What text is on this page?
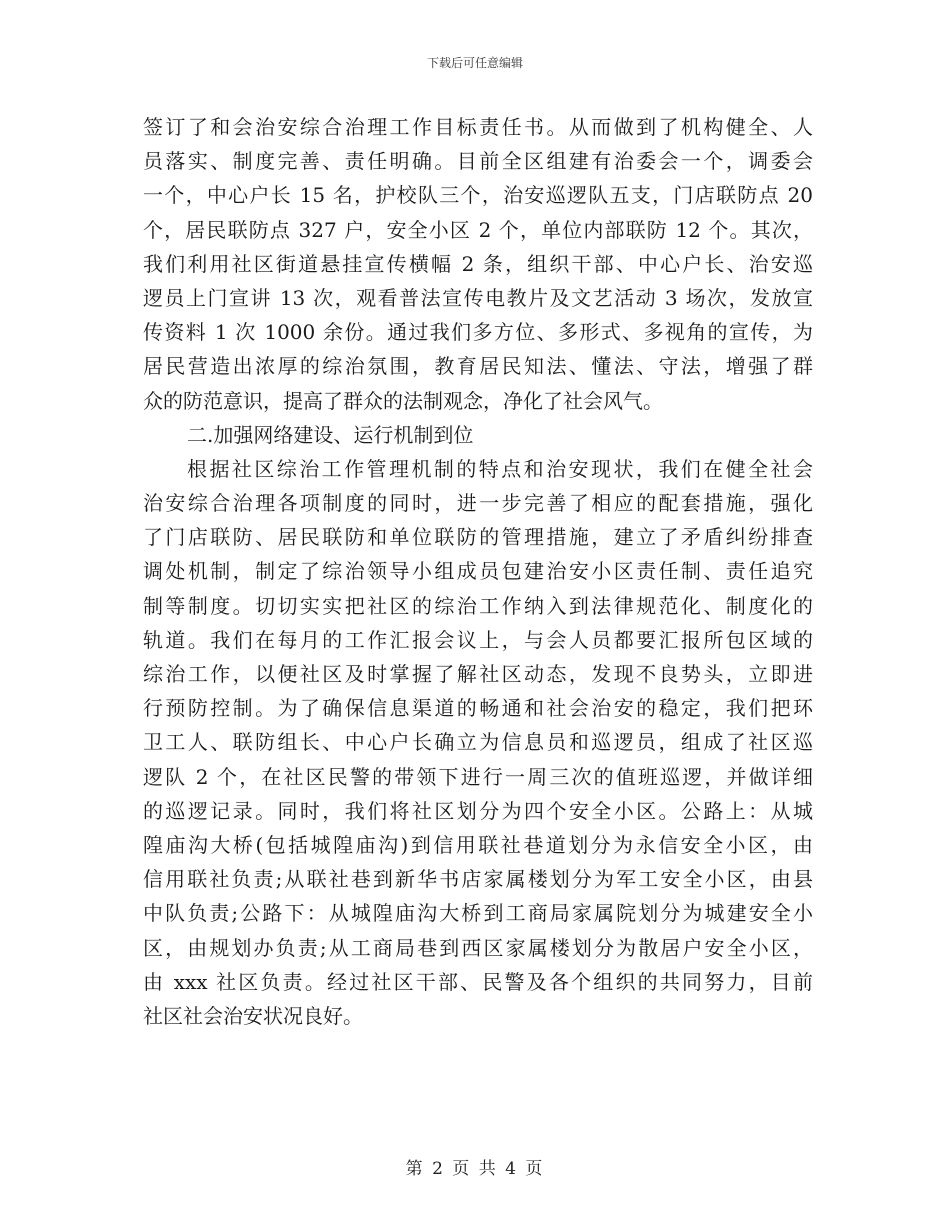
下载后可任意编辑
签订了和会治安综合治理工作目标责任书。从而做到了机构健全、人
员落实、制度完善、责任明确。目前全区组建有治委会一个，调委会
一个，中心户长 15 名，护校队三个，治安巡逻队五支，门店联防点 20
个，居民联防点 327 户，安全小区 2 个，单位内部联防 12 个。其次，
我们利用社区街道悬挂宣传横幅 2 条，组织干部、中心户长、治安巡
逻员上门宣讲 13 次，观看普法宣传电教片及文艺活动 3 场次，发放宣
传资料 1 次 1000 余份。通过我们多方位、多形式、多视角的宣传，为
居民营造出浓厚的综治氛围，教育居民知法、懂法、守法，增强了群
众的防范意识，提高了群众的法制观念，净化了社会风气。
二.加强网络建设、运行机制到位
根据社区综治工作管理机制的特点和治安现状，我们在健全社会
治安综合治理各项制度的同时，进一步完善了相应的配套措施，强化
了门店联防、居民联防和单位联防的管理措施，建立了矛盾纠纷排查
调处机制，制定了综治领导小组成员包建治安小区责任制、责任追究
制等制度。切切实实把社区的综治工作纳入到法律规范化、制度化的
轨道。我们在每月的工作汇报会议上，与会人员都要汇报所包区域的
综治工作，以便社区及时掌握了解社区动态，发现不良势头，立即进
行预防控制。为了确保信息渠道的畅通和社会治安的稳定，我们把环
卫工人、联防组长、中心户长确立为信息员和巡逻员，组成了社区巡
逻队 2 个，在社区民警的带领下进行一周三次的值班巡逻，并做详细
的巡逻记录。同时，我们将社区划分为四个安全小区。公路上：从城
隍庙沟大桥(包括城隍庙沟)到信用联社巷道划分为永信安全小区，由
信用联社负责;从联社巷到新华书店家属楼划分为军工安全小区，由县
中队负责;公路下：从城隍庙沟大桥到工商局家属院划分为城建安全小
区，由规划办负责;从工商局巷到西区家属楼划分为散居户安全小区，
由 xxx 社区负责。经过社区干部、民警及各个组织的共同努力，目前
社区社会治安状况良好。
第 2 页 共 4 页
